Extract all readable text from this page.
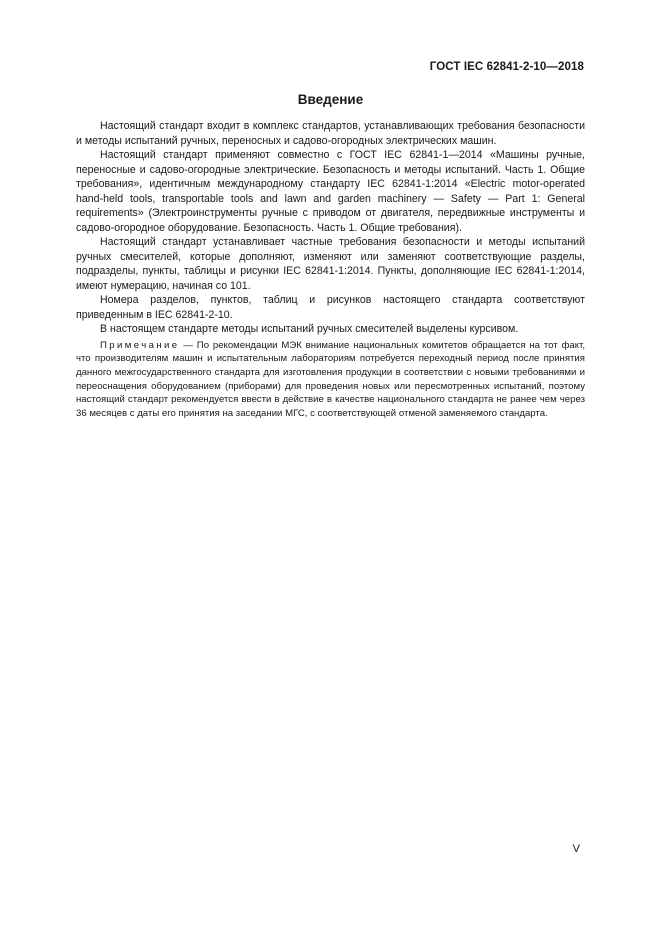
ГОСТ IEC 62841-2-10—2018
Введение

Настоящий стандарт входит в комплекс стандартов, устанавливающих требования безопасности и методы испытаний ручных, переносных и садово-огородных электрических машин.

Настоящий стандарт применяют совместно с ГОСТ IEC 62841-1—2014 «Машины ручные, переносные и садово-огородные электрические. Безопасность и методы испытаний. Часть 1. Общие требования», идентичным международному стандарту IEC 62841-1:2014 «Electric motor-operated hand-held tools, transportable tools and lawn and garden machinery — Safety — Part 1: General requirements» (Электроинструменты ручные с приводом от двигателя, передвижные инструменты и садово-огородное оборудование. Безопасность. Часть 1. Общие требования).

Настоящий стандарт устанавливает частные требования безопасности и методы испытаний ручных смесителей, которые дополняют, изменяют или заменяют соответствующие разделы, подразделы, пункты, таблицы и рисунки IEC 62841-1:2014. Пункты, дополняющие IEC 62841-1:2014, имеют нумерацию, начиная со 101.

Номера разделов, пунктов, таблиц и рисунков настоящего стандарта соответствуют приведенным в IEC 62841-2-10.

В настоящем стандарте методы испытаний ручных смесителей выделены курсивом.

Примечание — По рекомендации МЭК внимание национальных комитетов обращается на тот факт, что производителям машин и испытательным лабораториям потребуется переходный период после принятия данного межгосударственного стандарта для изготовления продукции в соответствии с новыми требованиями и переоснащения оборудованием (приборами) для проведения новых или пересмотренных испытаний, поэтому настоящий стандарт рекомендуется ввести в действие в качестве национального стандарта не ранее чем через 36 месяцев с даты его принятия на заседании МГС, с соответствующей отменой заменяемого стандарта.

V
